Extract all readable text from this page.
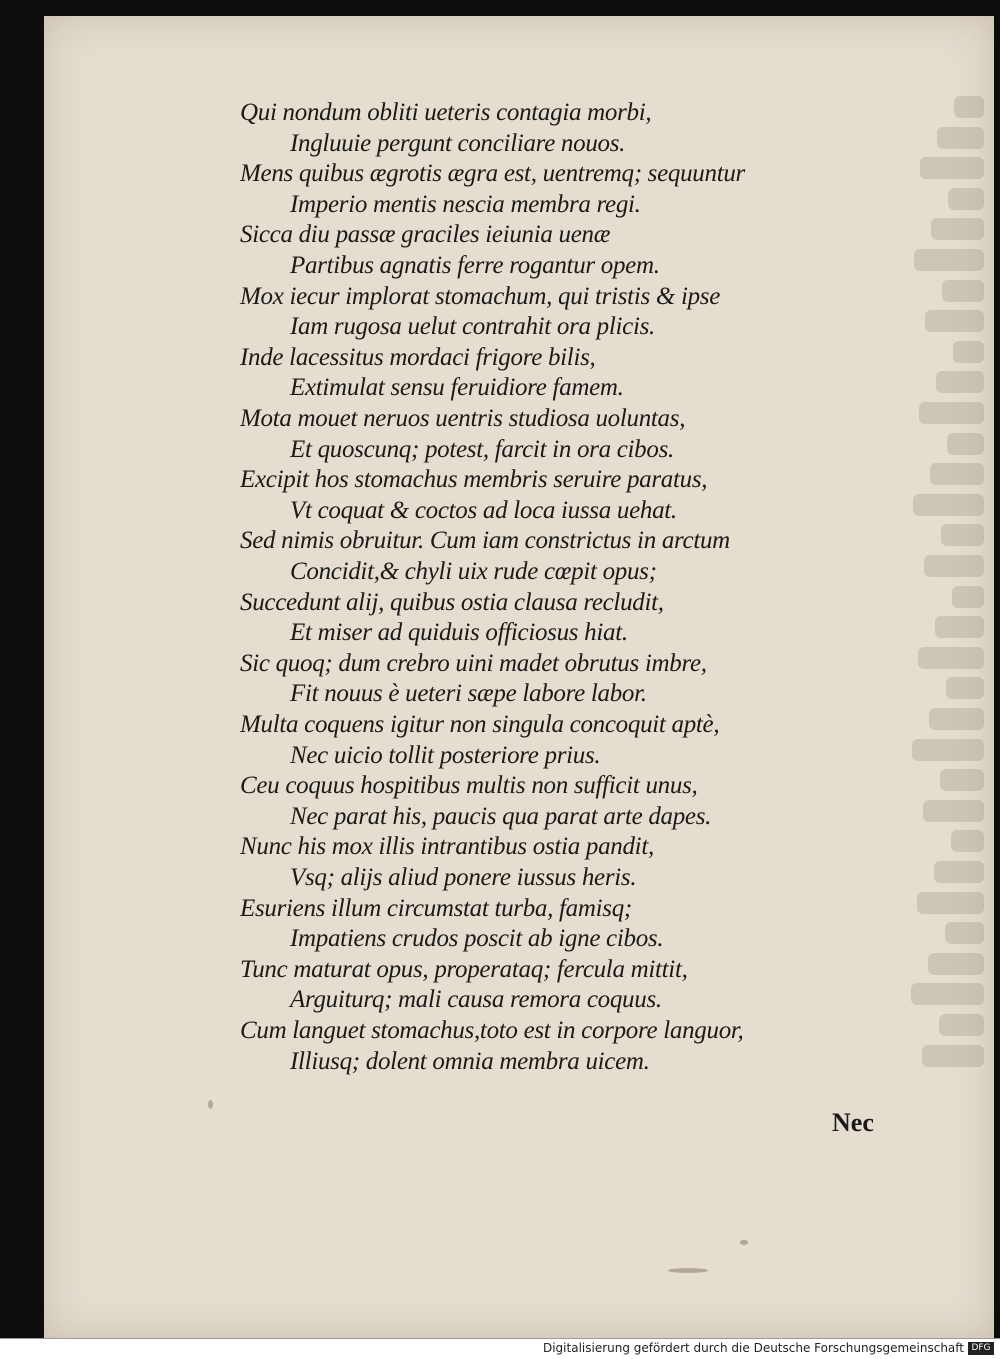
Qui nondum obliti ueteris contagia morbi,
Ingluuie pergunt conciliare nouos.
Mens quibus ægrotis ægra est, uentremq; sequuntur
Imperio mentis nescia membra regi.
Sicca diu passæ graciles ieiunia uenæ
Partibus agnatis ferre rogantur opem.
Mox iecur implorat stomachum, qui tristis & ipse
Iam rugosa uelut contrahit ora plicis.
Inde lacessitus mordaci frigore bilis,
Extimulat sensu feruidiore famem.
Mota mouet neruos uentris studiosa uoluntas,
Et quoscunq; potest, farcit in ora cibos.
Excipit hos stomachus membris seruire paratus,
Vt coquat & coctos ad loca iussa uehat.
Sed nimis obruitur. Cum iam constrictus in arctum
Concidit,& chyli uix rude cœpit opus;
Succedunt alij, quibus ostia clausa recludit,
Et miser ad quiduis officiosus hiat.
Sic quoq; dum crebro uini madet obrutus imbre,
Fit nouus è ueteri sæpe labore labor.
Multa coquens igitur non singula concoquit aptè,
Nec uicio tollit posteriore prius.
Ceu coquus hospitibus multis non sufficit unus,
Nec parat his, paucis qua parat arte dapes.
Nunc his mox illis intrantibus ostia pandit,
Vsq; alijs aliud ponere iussus heris.
Esuriens illum circumstat turba, famisq;
Impatiens crudos poscit ab igne cibos.
Tunc maturat opus, properataq; fercula mittit,
Arguiturq; mali causa remora coquus.
Cum languet stomachus,toto est in corpore languor,
Illiusq; dolent omnia membra uicem.
Nec
Digitalisierung gefördert durch die Deutsche Forschungsgemeinschaft DFG
